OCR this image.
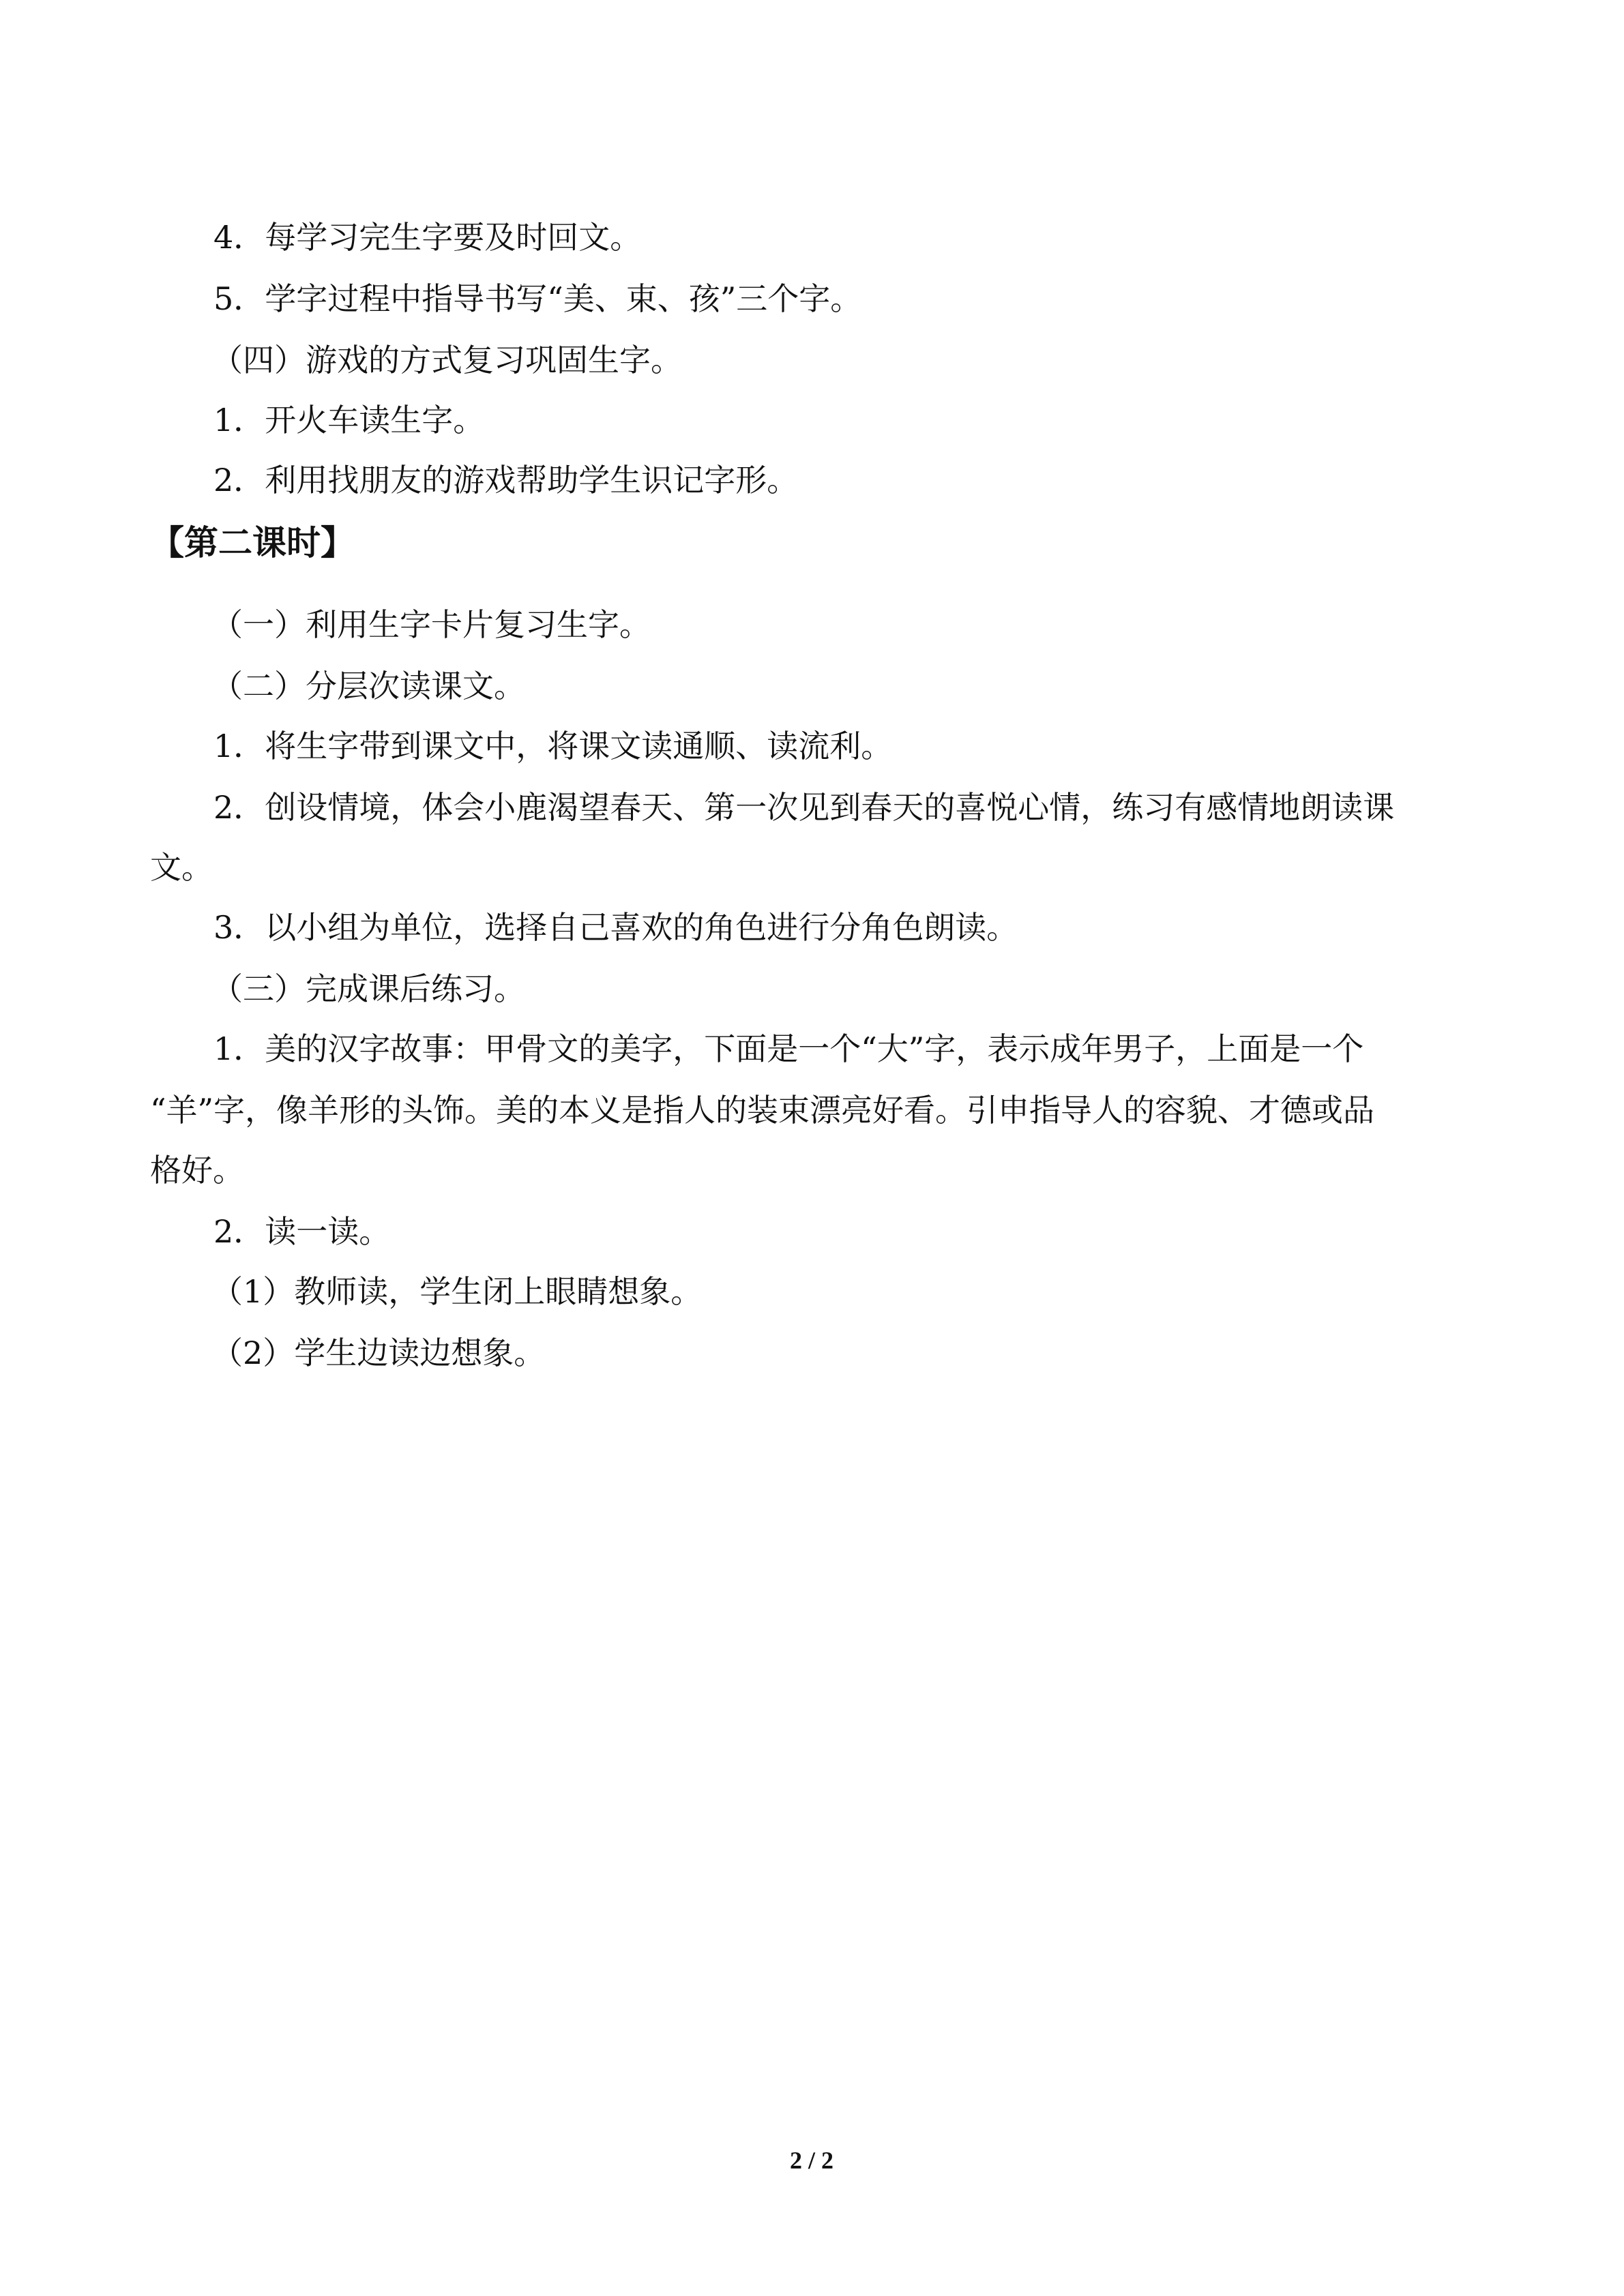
4．每学习完生字要及时回文。
5．学字过程中指导书写“美、束、孩”三个字。
（四）游戏的方式复习巩固生字。
1．开火车读生字。
2．利用找朋友的游戏帮助学生识记字形。
【第二课时】
（一）利用生字卡片复习生字。
（二）分层次读课文。
1．将生字带到课文中，将课文读通顺、读流利。
2．创设情境，体会小鹿渴望春天、第一次见到春天的喜悦心情，练习有感情地朗读课
文。
3．以小组为单位，选择自己喜欢的角色进行分角色朗读。
（三）完成课后练习。
1．美的汉字故事：甲骨文的美字，下面是一个“大”字，表示成年男子，上面是一个
“羊”字，像羊形的头饰。美的本义是指人的装束漂亮好看。引申指导人的容貌、才德或品
格好。
2．读一读。
（1）教师读，学生闭上眼睛想象。
（2）学生边读边想象。
2 / 2
